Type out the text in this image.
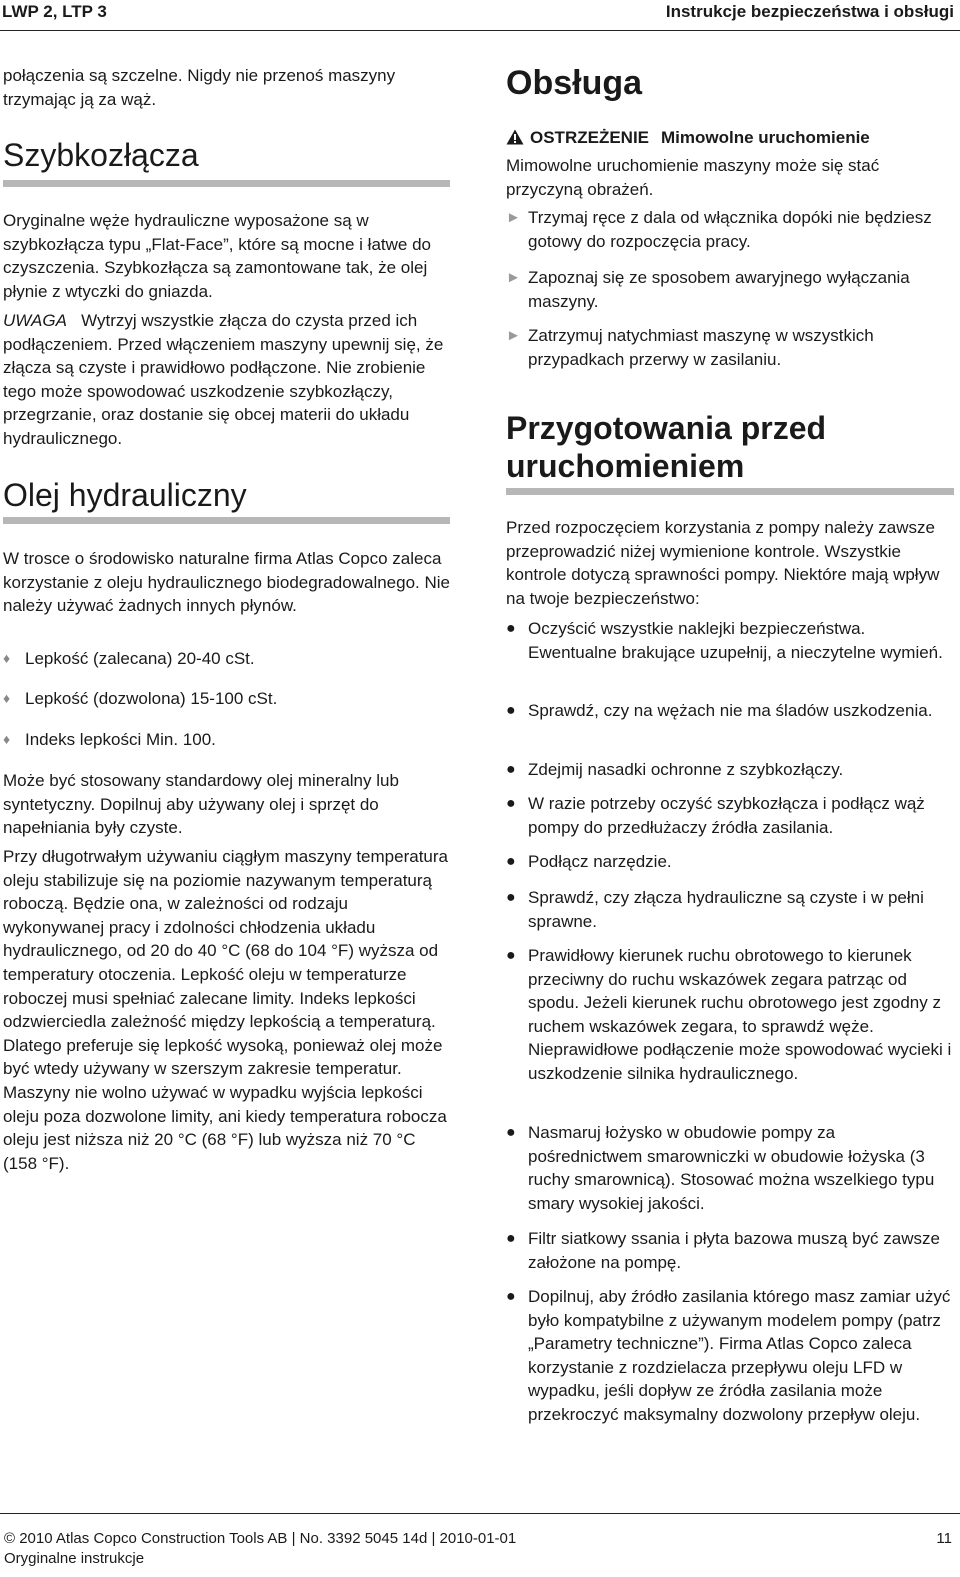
LWP 2, LTP 3	Instrukcje bezpieczeństwa i obsługi

połączenia są szczelne. Nigdy nie przenoś maszyny trzymając ją za wąż.

Szybkozłącza

Oryginalne węże hydrauliczne wyposażone są w szybkozłącza typu „Flat-Face”, które są mocne i łatwe do czyszczenia. Szybkozłącza są zamontowane tak, że olej płynie z wtyczki do gniazda.

UWAGA Wytrzyj wszystkie złącza do czysta przed ich podłączeniem. Przed włączeniem maszyny upewnij się, że złącza są czyste i prawidłowo podłączone. Nie zrobienie tego może spowodować uszkodzenie szybkozłączy, przegrzanie, oraz dostanie się obcej materii do układu hydraulicznego.

Olej hydrauliczny

W trosce o środowisko naturalne firma Atlas Copco zaleca korzystanie z oleju hydraulicznego biodegradowalnego. Nie należy używać żadnych innych płynów.

♦ Lepkość (zalecana) 20-40 cSt.
♦ Lepkość (dozwolona) 15-100 cSt.
♦ Indeks lepkości Min. 100.

Może być stosowany standardowy olej mineralny lub syntetyczny. Dopilnuj aby używany olej i sprzęt do napełniania były czyste.

Przy długotrwałym używaniu ciągłym maszyny temperatura oleju stabilizuje się na poziomie nazywanym temperaturą roboczą. Będzie ona, w zależności od rodzaju wykonywanej pracy i zdolności chłodzenia układu hydraulicznego, od 20 do 40 °C (68 do 104 °F) wyższa od temperatury otoczenia. Lepkość oleju w temperaturze roboczej musi spełniać zalecane limity. Indeks lepkości odzwierciedla zależność między lepkością a temperaturą. Dlatego preferuje się lepkość wysoką, ponieważ olej może być wtedy używany w szerszym zakresie temperatur. Maszyny nie wolno używać w wypadku wyjścia lepkości oleju poza dozwolone limity, ani kiedy temperatura robocza oleju jest niższa niż 20 °C (68 °F) lub wyższa niż 70 °C (158 °F).

Obsługa
OSTRZEŻENIE Mimowolne uruchomienie

Mimowolne uruchomienie maszyny może się stać przyczyną obrażeń.

► Trzymaj ręce z dala od włącznika dopóki nie będziesz gotowy do rozpoczęcia pracy.
► Zapoznaj się ze sposobem awaryjnego wyłączania maszyny.
► Zatrzymuj natychmiast maszynę w wszystkich przypadkach przerwy w zasilaniu.
Przygotowania przed uruchomieniem

Przed rozpoczęciem korzystania z pompy należy zawsze przeprowadzić niżej wymienione kontrole. Wszystkie kontrole dotyczą sprawności pompy. Niektóre mają wpływ na twoje bezpieczeństwo:

● Oczyścić wszystkie naklejki bezpieczeństwa. Ewentualne brakujące uzupełnij, a nieczytelne wymień.
● Sprawdź, czy na wężach nie ma śladów uszkodzenia.
● Zdejmij nasadki ochronne z szybkozłączy.
● W razie potrzeby oczyść szybkozłącza i podłącz wąż pompy do przedłużaczy źródła zasilania.
● Podłącz narzędzie.
● Sprawdź, czy złącza hydrauliczne są czyste i w pełni sprawne.
● Prawidłowy kierunek ruchu obrotowego to kierunek przeciwny do ruchu wskazówek zegara patrząc od spodu. Jeżeli kierunek ruchu obrotowego jest zgodny z ruchem wskazówek zegara, to sprawdź węże. Nieprawidłowe podłączenie może spowodować wycieki i uszkodzenie silnika hydraulicznego.
● Nasmaruj łożysko w obudowie pompy za pośrednictwem smarowniczki w obudowie łożyska (3 ruchy smarownicą). Stosować można wszelkiego typu smary wysokiej jakości.
● Filtr siatkowy ssania i płyta bazowa muszą być zawsze założone na pompę.
● Dopilnuj, aby źródło zasilania którego masz zamiar użyć było kompatybilne z używanym modelem pompy (patrz „Parametry techniczne”). Firma Atlas Copco zaleca korzystanie z rozdzielacza przepływu oleju LFD w wypadku, jeśli dopływ ze źródła zasilania może przekroczyć maksymalny dozwolony przepływ oleju.
© 2010 Atlas Copco Construction Tools AB | No. 3392 5045 14d | 2010-01-01
Oryginalne instrukcje
11
